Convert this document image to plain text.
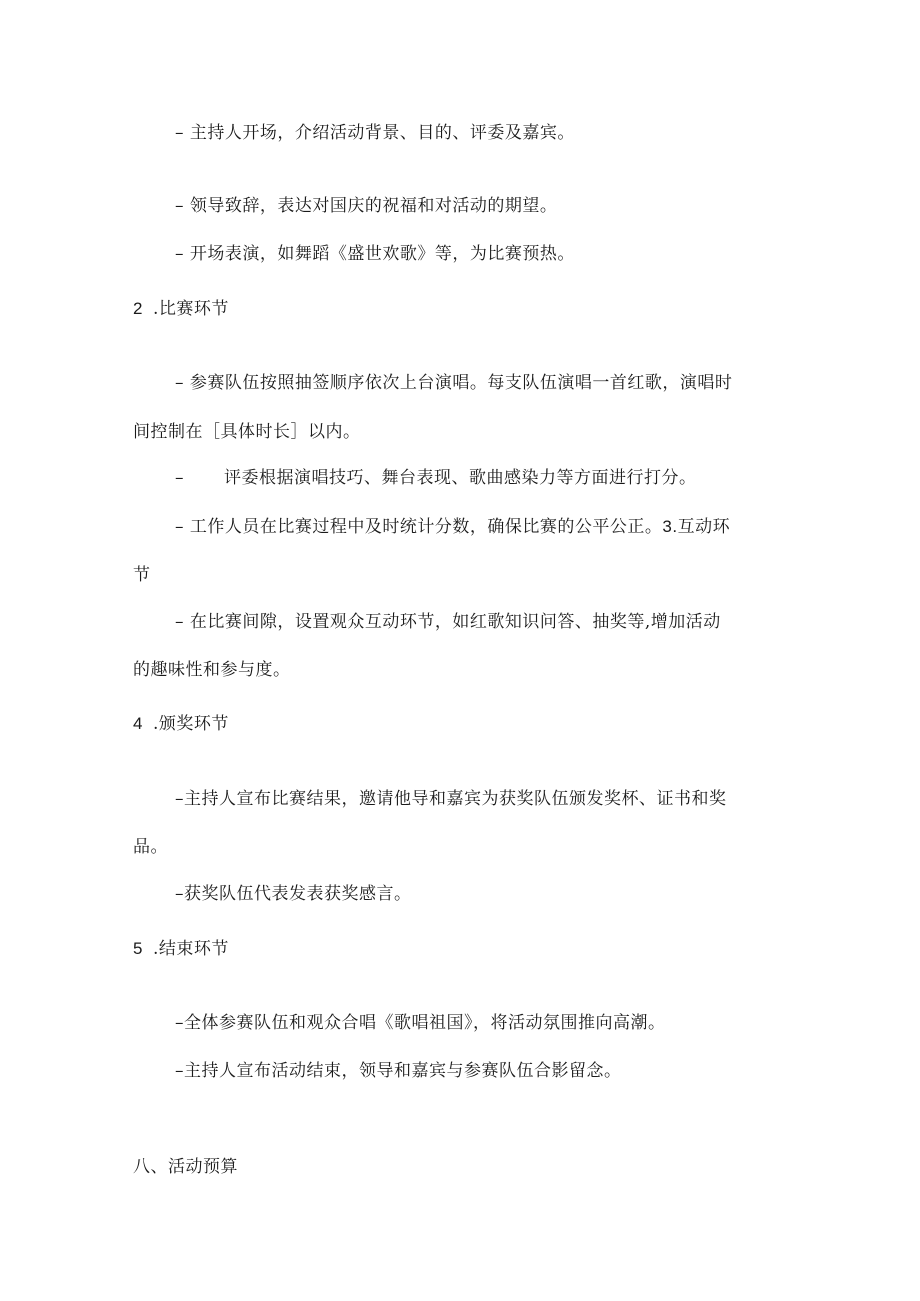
– 主持人开场，介绍活动背景、目的、评委及嘉宾。

– 领导致辞，表达对国庆的祝福和对活动的期望。

– 开场表演，如舞蹈《盛世欢歌》等，为比赛预热。

2 .比赛环节

– 参赛队伍按照抽签顺序依次上台演唱。每支队伍演唱一首红歌，演唱时

间控制在［具体时长］以内。

– 评委根据演唱技巧、舞台表现、歌曲感染力等方面进行打分。

– 工作人员在比赛过程中及时统计分数，确保比赛的公平公正。3.互动环

节

– 在比赛间隙，设置观众互动环节，如红歌知识问答、抽奖等,增加活动

的趣味性和参与度。

4 .颁奖环节

–主持人宣布比赛结果，邀请他导和嘉宾为获奖队伍颁发奖杯、证书和奖

品。

–获奖队伍代表发表获奖感言。

5 .结束环节

–全体参赛队伍和观众合唱《歌唱祖国》，将活动氛围推向高潮。

–主持人宣布活动结束，领导和嘉宾与参赛队伍合影留念。

八、活动预算
